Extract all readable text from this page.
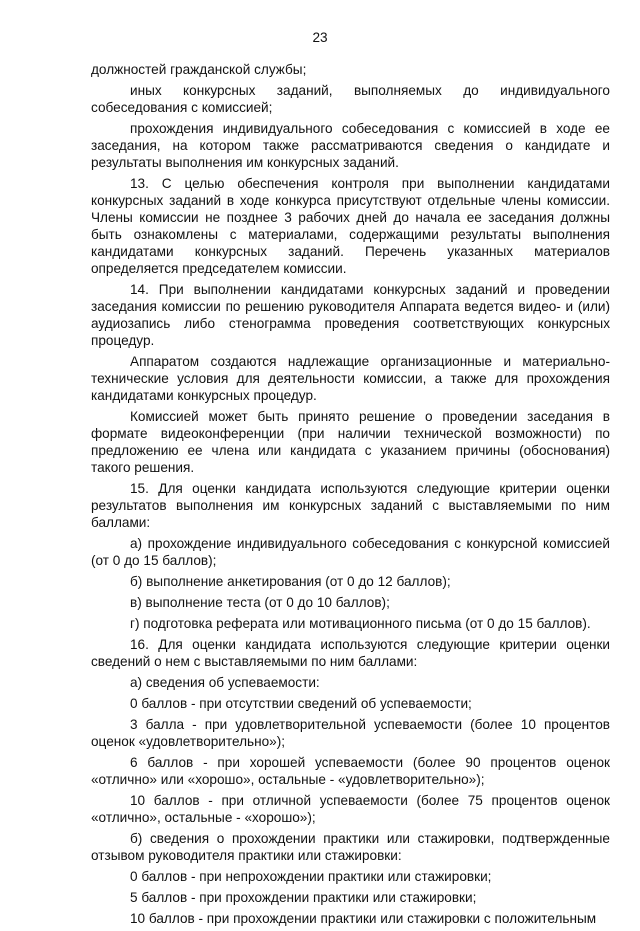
23

должностей гражданской службы;

иных конкурсных заданий, выполняемых до индивидуального собеседования с комиссией;

прохождения индивидуального собеседования с комиссией в ходе ее заседания, на котором также рассматриваются сведения о кандидате и результаты выполнения им конкурсных заданий.

13. С целью обеспечения контроля при выполнении кандидатами конкурсных заданий в ходе конкурса присутствуют отдельные члены комиссии. Члены комиссии не позднее 3 рабочих дней до начала ее заседания должны быть ознакомлены с материалами, содержащими результаты выполнения кандидатами конкурсных заданий. Перечень указанных материалов определяется председателем комиссии.

14. При выполнении кандидатами конкурсных заданий и проведении заседания комиссии по решению руководителя Аппарата ведется видео- и (или) аудиозапись либо стенограмма проведения соответствующих конкурсных процедур.

Аппаратом создаются надлежащие организационные и материально-технические условия для деятельности комиссии, а также для прохождения кандидатами конкурсных процедур.

Комиссией может быть принято решение о проведении заседания в формате видеоконференции (при наличии технической возможности) по предложению ее члена или кандидата с указанием причины (обоснования) такого решения.

15. Для оценки кандидата используются следующие критерии оценки результатов выполнения им конкурсных заданий с выставляемыми по ним баллами:

а) прохождение индивидуального собеседования с конкурсной комиссией (от 0 до 15 баллов);

б) выполнение анкетирования (от 0 до 12 баллов);

в) выполнение теста (от 0 до 10 баллов);

г) подготовка реферата или мотивационного письма (от 0 до 15 баллов).

16. Для оценки кандидата используются следующие критерии оценки сведений о нем с выставляемыми по ним баллами:

а) сведения об успеваемости:

0 баллов - при отсутствии сведений об успеваемости;

3 балла - при удовлетворительной успеваемости (более 10 процентов оценок «удовлетворительно»);

6 баллов - при хорошей успеваемости (более 90 процентов оценок «отлично» или «хорошо», остальные - «удовлетворительно»);

10 баллов - при отличной успеваемости (более 75 процентов оценок «отлично», остальные - «хорошо»);

б) сведения о прохождении практики или стажировки, подтвержденные отзывом руководителя практики или стажировки:

0 баллов - при непрохождении практики или стажировки;

5 баллов - при прохождении практики или стажировки;

10 баллов - при прохождении практики или стажировки с положительным
